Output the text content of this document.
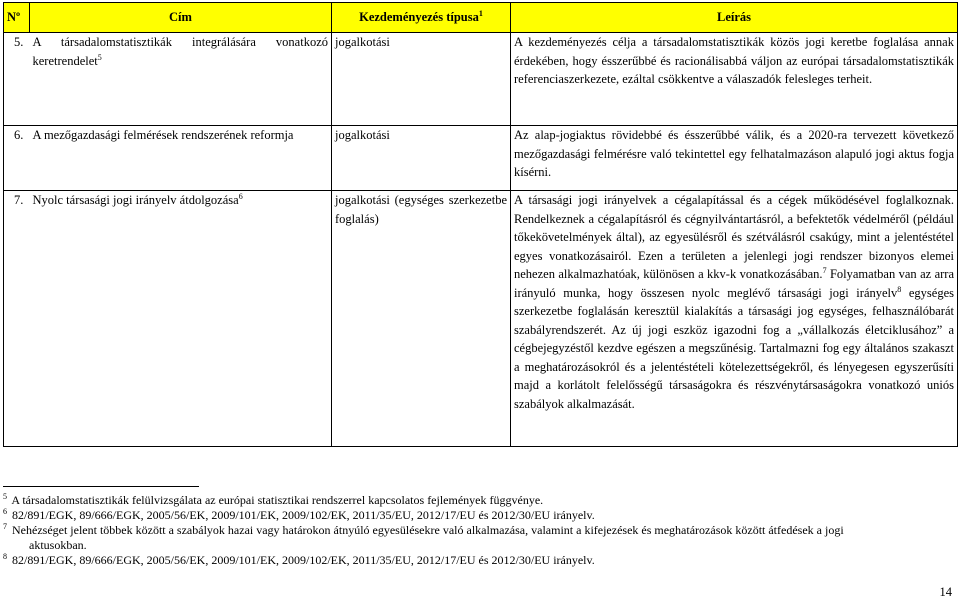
Nº	Cím	Kezdeményezés típusa$^1$	Leírás
5.	A társadalomstatisztikák integrálására vonatkozó keretrendelet$^5$	jogalkotási	A kezdeményezés célja a társadalomstatisztikák közös jogi keretbe foglalása annak érdekében, hogy ésszerűbbé és racionálisabbá váljon az európai társadalomstatisztikák referenciaszerkezete, ezáltal csökkentve a válaszadók felesleges terheit.
6.	A mezőgazdasági felmérések rendszerének reformja	jogalkotási	Az alap-jogiaktus rövidebbé és ésszerűbbé válik, és a 2020-ra tervezett következő mezőgazdasági felmérésre való tekintettel egy felhatalmazáson alapuló jogi aktus fogja kísérni.
7.	Nyolc társasági jogi irányelv átdolgozása$^6$	jogalkotási (egységes szerkezetbe foglalás)	A társasági jogi irányelvek a cégalapítással és a cégek működésével foglalkoznak. Rendelkeznek a cégalapításról és cégnyilvántartásról, a befektetők védelméről (például tőkekövetelmények által), az egyesülésről és szétválásról csakúgy, mint a jelentéstétel egyes vonatkozásairól. Ezen a területen a jelenlegi jogi rendszer bizonyos elemei nehezen alkalmazhatóak, különösen a kkv-k vonatkozásában.$^7$ Folyamatban van az arra irányuló munka, hogy összesen nyolc meglévő társasági jogi irányelv$^8$ egységes szerkezetbe foglalásán keresztül kialakítás a társasági jog egységes, felhasználóbarát szabályrendszerét. Az új jogi eszköz igazodni fog a „vállalkozás életciklusához” a cégbejegyzéstől kezdve egészen a megszűnésig. Tartalmazni fog egy általános szakaszt a meghatározásokról és a jelentéstételi kötelezettségekről, és lényegesen egyszerűsíti majd a korlátolt felelősségű társaságokra és részvénytársaságokra vonatkozó uniós szabályok alkalmazását.

$^5$ A társadalomstatisztikák felülvizsgálata az európai statisztikai rendszerrel kapcsolatos fejlemények függvénye.

$^6$ 82/891/EGK, 89/666/EGK, 2005/56/EK, 2009/101/EK, 2009/102/EK, 2011/35/EU, 2012/17/EU és 2012/30/EU irányelv.

$^7$ Nehézséget jelent többek között a szabályok hazai vagy határokon átnyúló egyesülésekre való alkalmazása, valamint a kifejezések és meghatározások között átfedések a jogi

aktusokban.

$^8$ 82/891/EGK, 89/666/EGK, 2005/56/EK, 2009/101/EK, 2009/102/EK, 2011/35/EU, 2012/17/EU és 2012/30/EU irányelv.

14
